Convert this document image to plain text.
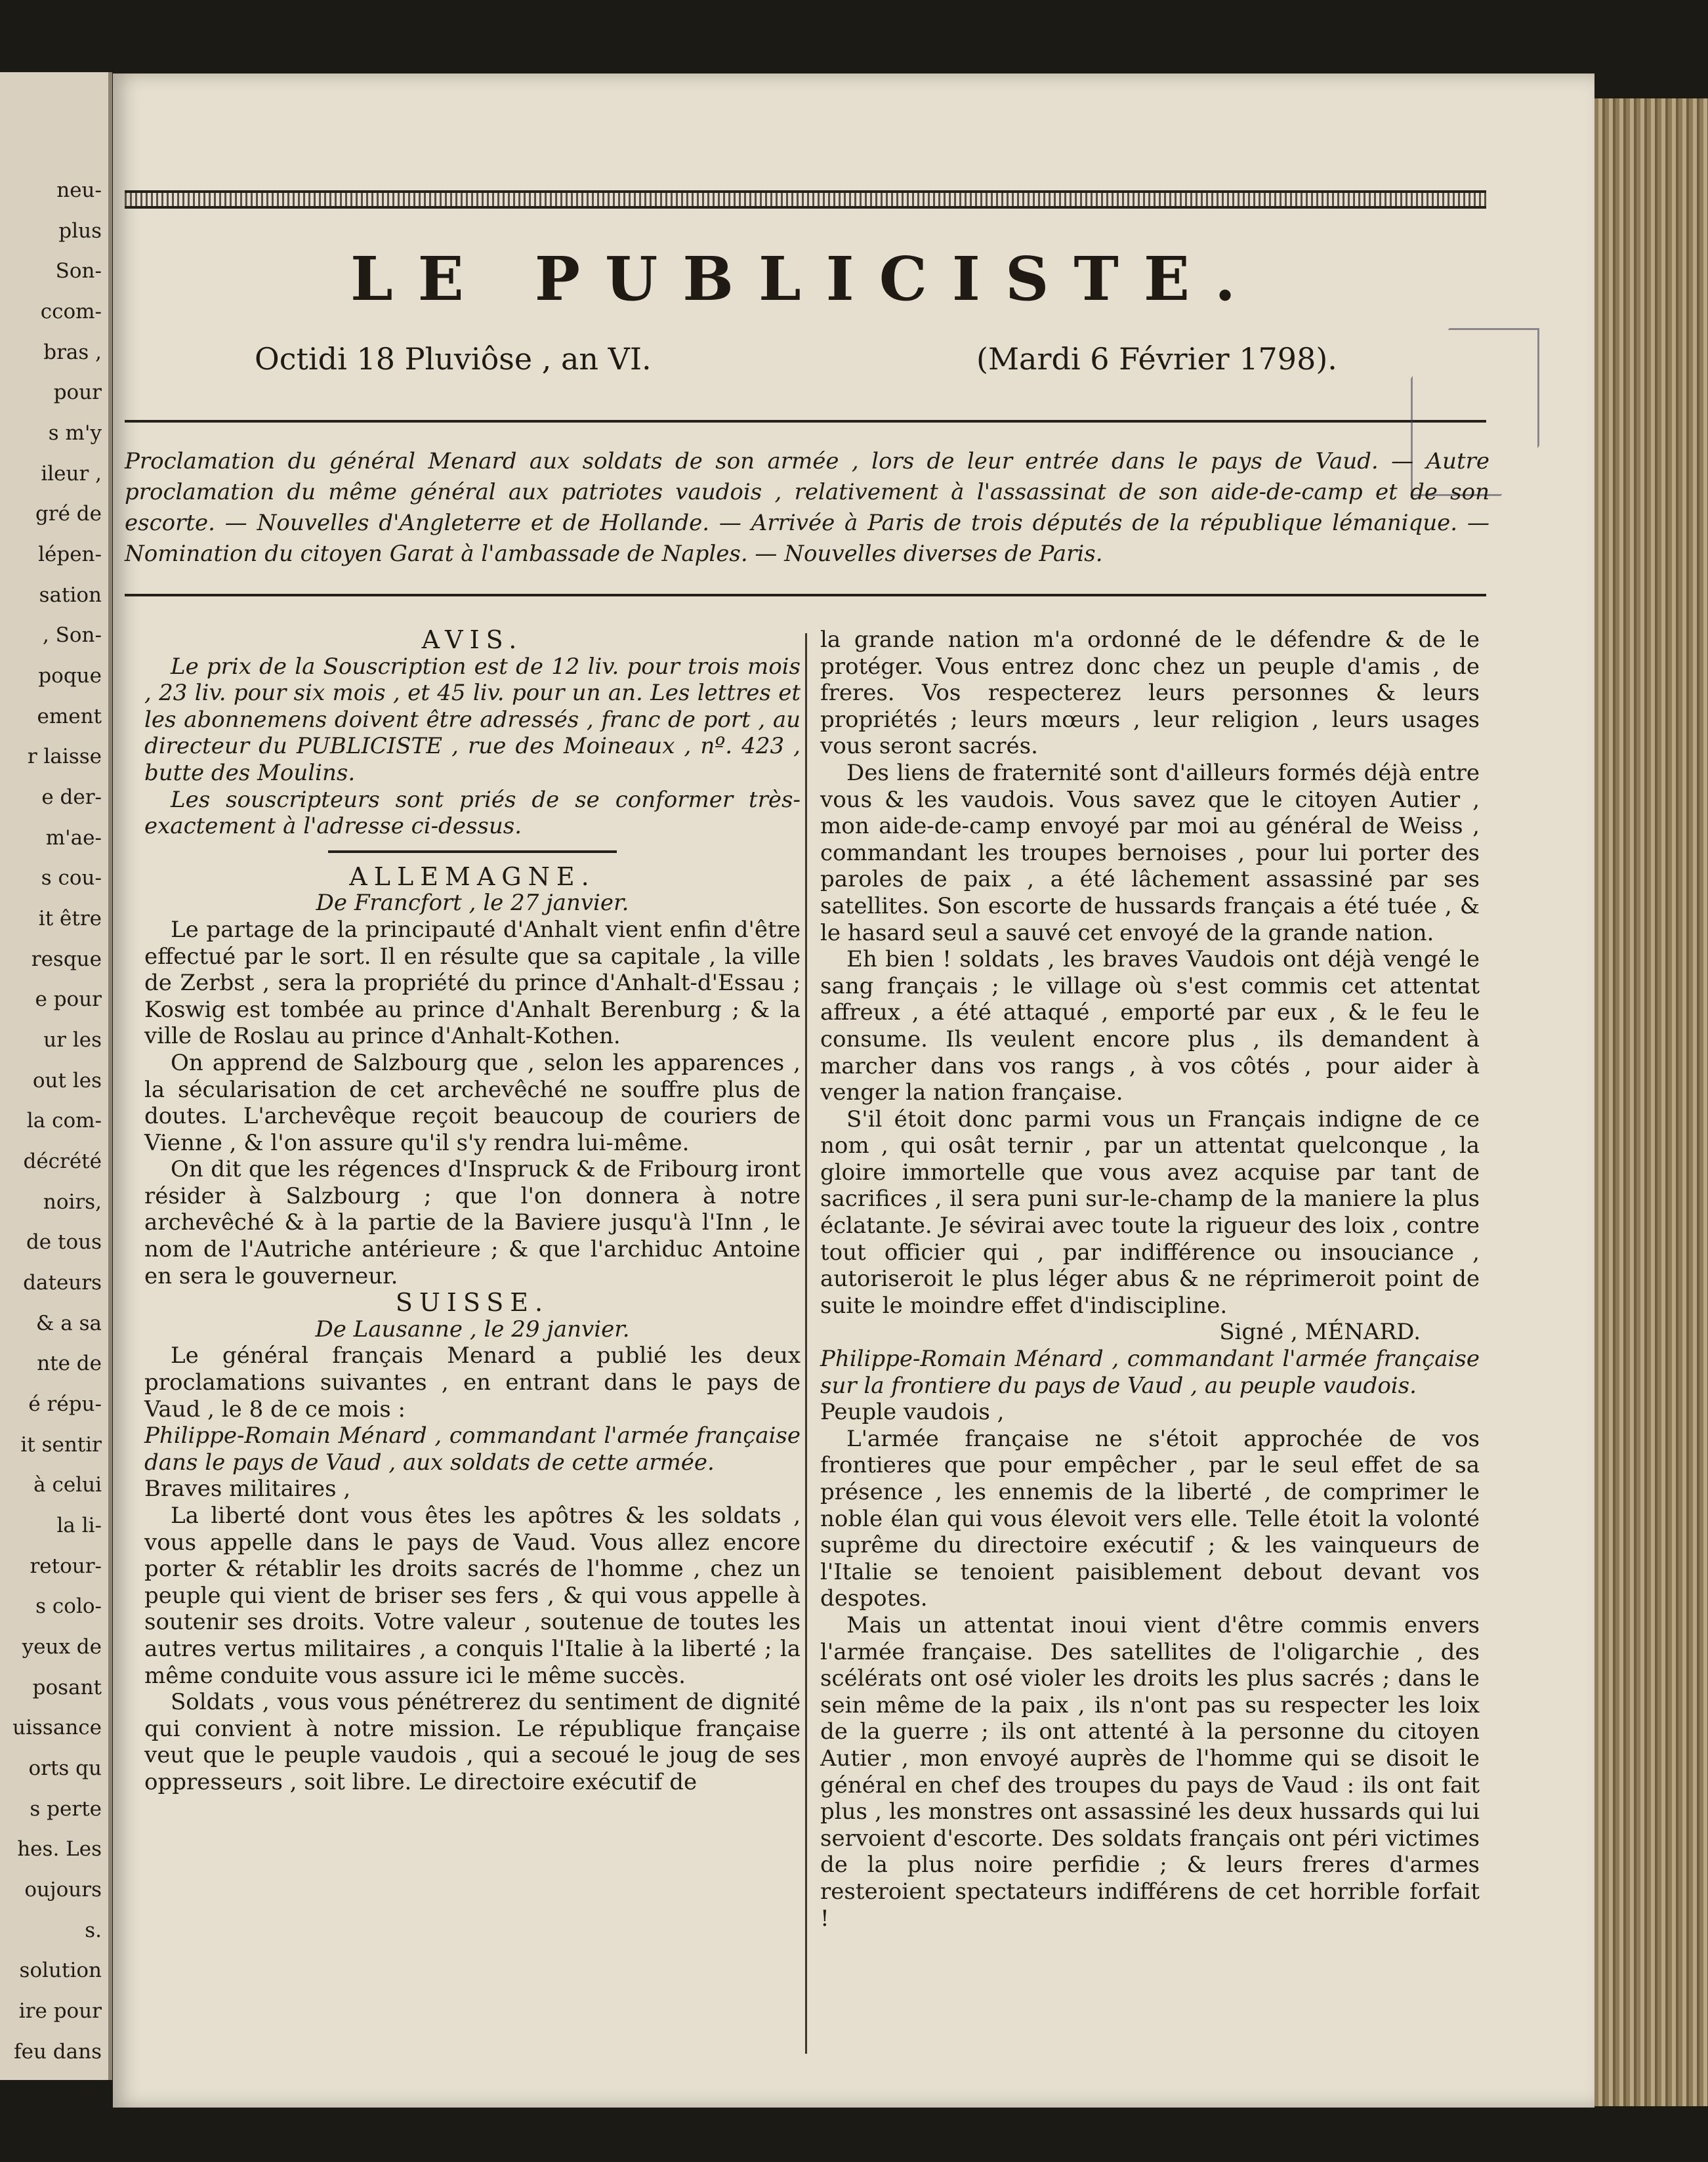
neu-
plus
Son-
ccom-
bras ,
pour
s m'y
ileur ,
gré de
lépen-
sation
, Son-
poque
ement
r laisse
e der-
m'ae-
s cou-
it être
resque
e pour
ur les
out les
la com-
décrété
noirs,
de tous
dateurs
& a sa
nte de
é répu-
it sentir
à celui
la li-
retour-
s colo-
yeux de
posant
uissance
orts qu
s perte
hes. Les
oujours
s.
solution
ire pour
feu dans
s.
LE PUBLICISTE.

Octidi 18 Pluviôse , an VI.	(Mardi 6 Février 1798).

Proclamation du général Menard aux soldats de son armée , lors de leur entrée dans le pays de Vaud. — Autre proclamation du même général aux patriotes vaudois , relativement à l'assassinat de son aide-de-camp et de son escorte. — Nouvelles d'Angleterre et de Hollande. — Arrivée à Paris de trois députés de la république lémanique. — Nomination du citoyen Garat à l'ambassade de Naples. — Nouvelles diverses de Paris.

AVIS.

Le prix de la Souscription est de 12 liv. pour trois mois , 23 liv. pour six mois , et 45 liv. pour un an. Les lettres et les abonnemens doivent être adressés , franc de port , au directeur du PUBLICISTE , rue des Moineaux , nº. 423 , butte des Moulins.

Les souscripteurs sont priés de se conformer très-exactement à l'adresse ci-dessus.

ALLEMAGNE.

De Francfort , le 27 janvier.

Le partage de la principauté d'Anhalt vient enfin d'être effectué par le sort. Il en résulte que sa capitale , la ville de Zerbst , sera la propriété du prince d'Anhalt-d'Essau ; Koswig est tombée au prince d'Anhalt Berenburg ; & la ville de Roslau au prince d'Anhalt-Kothen.

On apprend de Salzbourg que , selon les apparences , la sécularisation de cet archevêché ne souffre plus de doutes. L'archevêque reçoit beaucoup de couriers de Vienne , & l'on assure qu'il s'y rendra lui-même.

On dit que les régences d'Inspruck & de Fribourg iront résider à Salzbourg ; que l'on donnera à notre archevêché & à la partie de la Baviere jusqu'à l'Inn , le nom de l'Autriche antérieure ; & que l'archiduc Antoine en sera le gouverneur.

SUISSE.

De Lausanne , le 29 janvier.

Le général français Menard a publié les deux proclamations suivantes , en entrant dans le pays de Vaud , le 8 de ce mois :

Philippe-Romain Ménard , commandant l'armée française dans le pays de Vaud , aux soldats de cette armée.

Braves militaires ,

La liberté dont vous êtes les apôtres & les soldats , vous appelle dans le pays de Vaud. Vous allez encore porter & rétablir les droits sacrés de l'homme , chez un peuple qui vient de briser ses fers , & qui vous appelle à soutenir ses droits. Votre valeur , soutenue de toutes les autres vertus militaires , a conquis l'Italie à la liberté ; la même conduite vous assure ici le même succès.

Soldats , vous vous pénétrerez du sentiment de dignité qui convient à notre mission. Le république française veut que le peuple vaudois , qui a secoué le joug de ses oppresseurs , soit libre. Le directoire exécutif de

la grande nation m'a ordonné de le défendre & de le protéger. Vous entrez donc chez un peuple d'amis , de freres. Vos respecterez leurs personnes & leurs propriétés ; leurs mœurs , leur religion , leurs usages vous seront sacrés.

Des liens de fraternité sont d'ailleurs formés déjà entre vous & les vaudois. Vous savez que le citoyen Autier , mon aide-de-camp envoyé par moi au général de Weiss , commandant les troupes bernoises , pour lui porter des paroles de paix , a été lâchement assassiné par ses satellites. Son escorte de hussards français a été tuée , & le hasard seul a sauvé cet envoyé de la grande nation.

Eh bien ! soldats , les braves Vaudois ont déjà vengé le sang français ; le village où s'est commis cet attentat affreux , a été attaqué , emporté par eux , & le feu le consume. Ils veulent encore plus , ils demandent à marcher dans vos rangs , à vos côtés , pour aider à venger la nation française.

S'il étoit donc parmi vous un Français indigne de ce nom , qui osât ternir , par un attentat quelconque , la gloire immortelle que vous avez acquise par tant de sacrifices , il sera puni sur-le-champ de la maniere la plus éclatante. Je sévirai avec toute la rigueur des loix , contre tout officier qui , par indifférence ou insouciance , autoriseroit le plus léger abus & ne réprimeroit point de suite le moindre effet d'indiscipline.

Signé , MÉNARD.

Philippe-Romain Ménard , commandant l'armée française sur la frontiere du pays de Vaud , au peuple vaudois.

Peuple vaudois ,

L'armée française ne s'étoit approchée de vos frontieres que pour empêcher , par le seul effet de sa présence , les ennemis de la liberté , de comprimer le noble élan qui vous élevoit vers elle. Telle étoit la volonté suprême du directoire exécutif ; & les vainqueurs de l'Italie se tenoient paisiblement debout devant vos despotes.

Mais un attentat inoui vient d'être commis envers l'armée française. Des satellites de l'oligarchie , des scélérats ont osé violer les droits les plus sacrés ; dans le sein même de la paix , ils n'ont pas su respecter les loix de la guerre ; ils ont attenté à la personne du citoyen Autier , mon envoyé auprès de l'homme qui se disoit le général en chef des troupes du pays de Vaud : ils ont fait plus , les monstres ont assassiné les deux hussards qui lui servoient d'escorte. Des soldats français ont péri victimes de la plus noire perfidie ; & leurs freres d'armes resteroient spectateurs indifférens de cet horrible forfait !
